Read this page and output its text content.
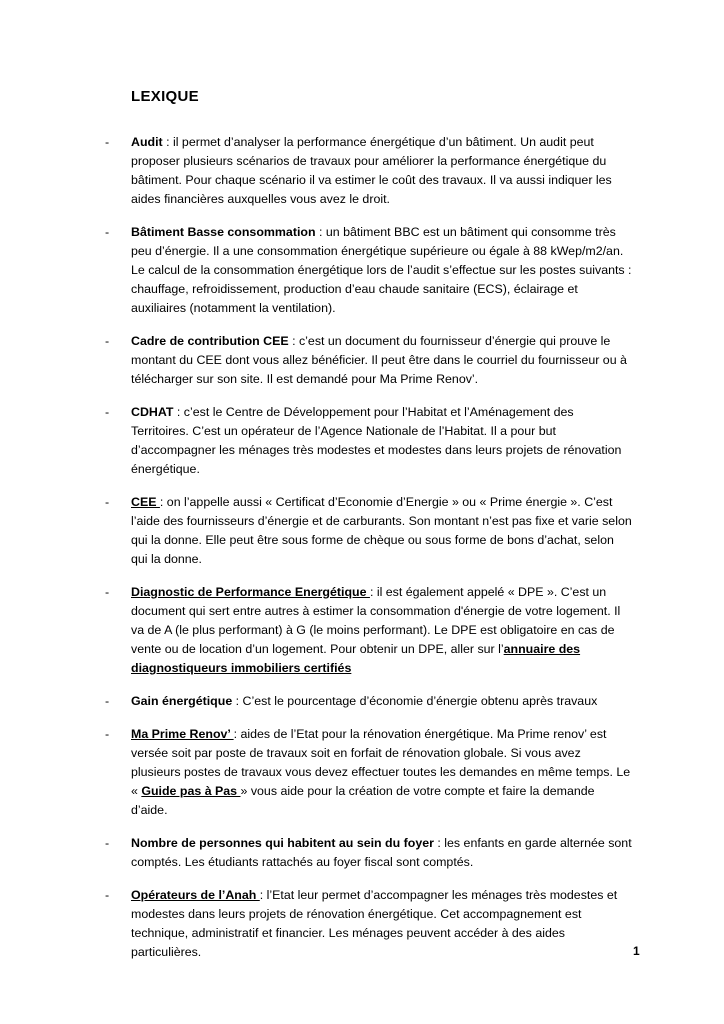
LEXIQUE
-	Audit : il permet d’analyser la performance énergétique d’un bâtiment. Un audit peut proposer plusieurs scénarios de travaux pour améliorer la performance énergétique du bâtiment. Pour chaque scénario il va estimer le coût des travaux. Il va aussi indiquer les aides financières auxquelles vous avez le droit.

-	Bâtiment Basse consommation : un bâtiment BBC est un bâtiment qui consomme très peu d’énergie. Il a une consommation énergétique supérieure ou égale à 88 kWep/m2/an. Le calcul de la consommation énergétique lors de l’audit s’effectue sur les postes suivants : chauffage, refroidissement, production d’eau chaude sanitaire (ECS), éclairage et auxiliaires (notamment la ventilation).

-	Cadre de contribution CEE : c’est un document du fournisseur d’énergie qui prouve le montant du CEE dont vous allez bénéficier. Il peut être dans le courriel du fournisseur ou à télécharger sur son site. Il est demandé pour Ma Prime Renov’.

-	CDHAT : c’est le Centre de Développement pour l’Habitat et l’Aménagement des Territoires. C’est un opérateur de l’Agence Nationale de l’Habitat. Il a pour but d’accompagner les ménages très modestes et modestes dans leurs projets de rénovation énergétique.

-	CEE : on l’appelle aussi « Certificat d’Economie d’Energie » ou « Prime énergie ». C’est l’aide des fournisseurs d’énergie et de carburants. Son montant n’est pas fixe et varie selon qui la donne. Elle peut être sous forme de chèque ou sous forme de bons d’achat, selon qui la donne.

-	Diagnostic de Performance Energétique : il est également appelé « DPE ». C’est un document qui sert entre autres à estimer la consommation d'énergie de votre logement. Il va de A (le plus performant) à G (le moins performant). Le DPE est obligatoire en cas de vente ou de location d’un logement. Pour obtenir un DPE, aller sur l’annuaire des diagnostiqueurs immobiliers certifiés

-	Gain énergétique : C’est le pourcentage d’économie d’énergie obtenu après travaux

-	Ma Prime Renov’ : aides de l’Etat pour la rénovation énergétique. Ma Prime renov’ est versée soit par poste de travaux soit en forfait de rénovation globale. Si vous avez plusieurs postes de travaux vous devez effectuer toutes les demandes en même temps. Le « Guide pas à Pas » vous aide pour la création de votre compte et faire la demande d’aide.

-	Nombre de personnes qui habitent au sein du foyer : les enfants en garde alternée sont comptés. Les étudiants rattachés au foyer fiscal sont comptés.

-	Opérateurs de l’Anah : l’Etat leur permet d’accompagner les ménages très modestes et modestes dans leurs projets de rénovation énergétique. Cet accompagnement est technique, administratif et financier. Les ménages peuvent accéder à des aides particulières.	1
